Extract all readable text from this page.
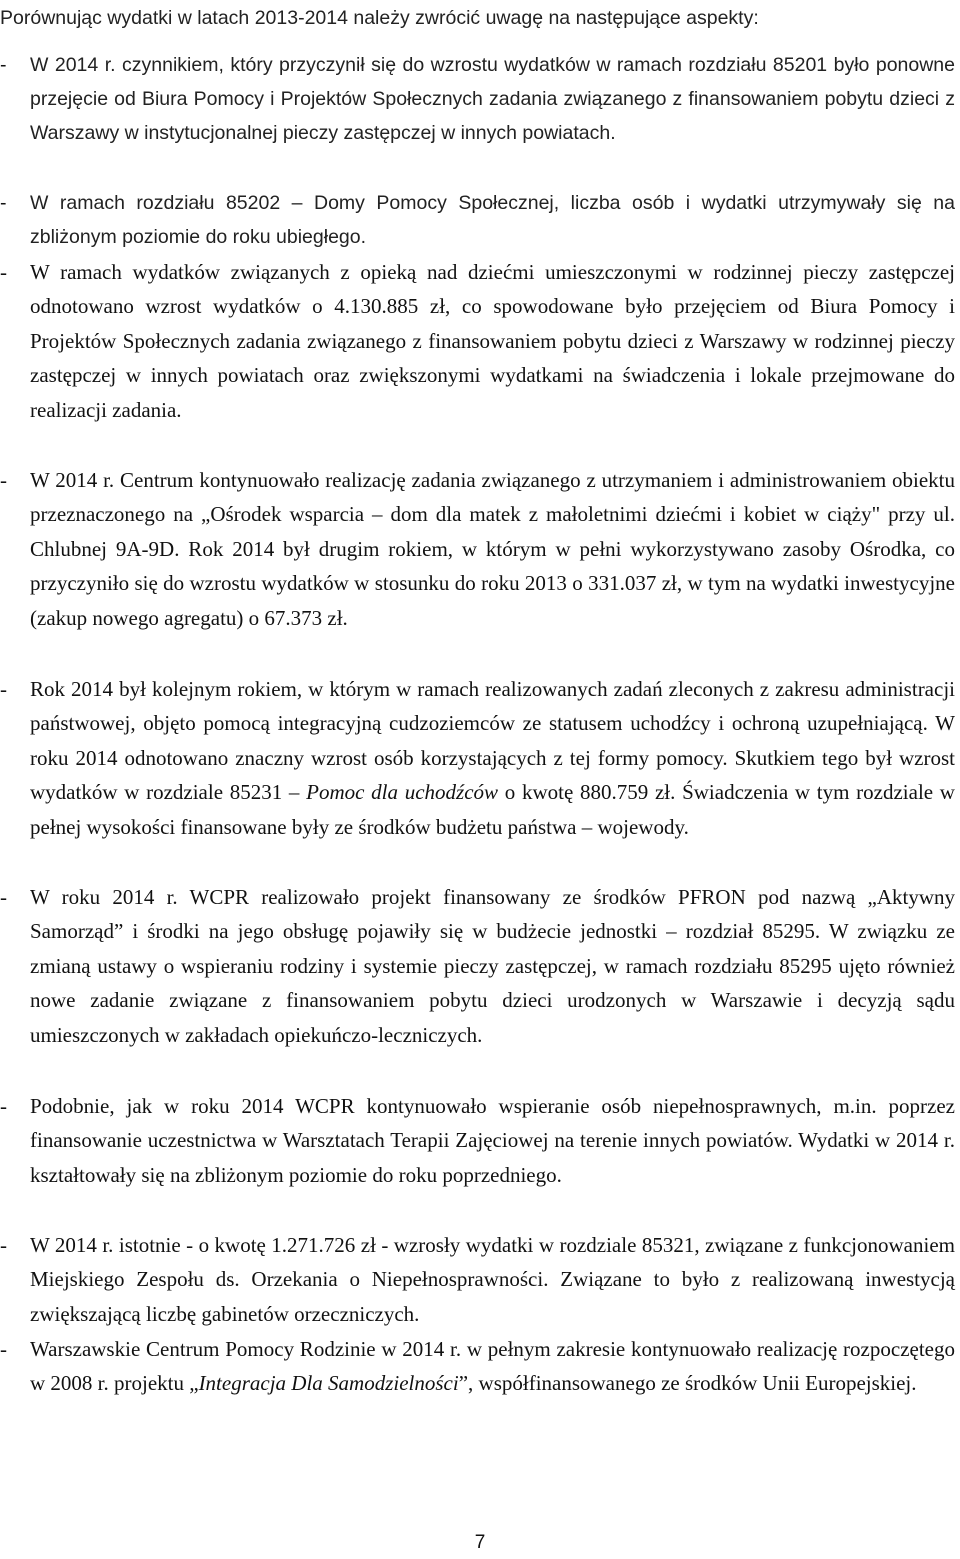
Porównując wydatki w latach 2013-2014 należy zwrócić uwagę na następujące aspekty:
-	W 2014 r. czynnikiem, który przyczynił się do wzrostu wydatków w ramach rozdziału 85201 było ponowne przejęcie od Biura Pomocy i Projektów Społecznych zadania związanego z finansowaniem pobytu dzieci z Warszawy w instytucjonalnej pieczy zastępczej w innych powiatach.
-	W ramach rozdziału 85202 – Domy Pomocy Społecznej, liczba osób i wydatki utrzymywały się na zbliżonym poziomie do roku ubiegłego.
-	W ramach wydatków związanych z opieką nad dziećmi umieszczonymi w rodzinnej pieczy zastępczej odnotowano wzrost wydatków o 4.130.885 zł, co spowodowane było przejęciem od Biura Pomocy i Projektów Społecznych zadania związanego z finansowaniem pobytu dzieci z Warszawy w rodzinnej pieczy zastępczej w innych powiatach oraz zwiększonymi wydatkami na świadczenia i lokale przejmowane do realizacji zadania.
-	W 2014 r. Centrum kontynuowało realizację zadania związanego z utrzymaniem i administrowaniem obiektu przeznaczonego na „Ośrodek wsparcia – dom dla matek z małoletnimi dziećmi i kobiet w ciąży" przy ul. Chlubnej 9A-9D. Rok 2014 był drugim rokiem, w którym w pełni wykorzystywano zasoby Ośrodka, co przyczyniło się do wzrostu wydatków w stosunku do roku 2013 o 331.037 zł, w tym na wydatki inwestycyjne (zakup nowego agregatu) o 67.373 zł.
-	Rok 2014 był kolejnym rokiem, w którym w ramach realizowanych zadań zleconych z zakresu administracji państwowej, objęto pomocą integracyjną cudzoziemców ze statusem uchodźcy i ochroną uzupełniającą. W roku 2014 odnotowano znaczny wzrost osób korzystających z tej formy pomocy. Skutkiem tego był wzrost wydatków w rozdziale 85231 – Pomoc dla uchodźców o kwotę 880.759 zł. Świadczenia w tym rozdziale w pełnej wysokości finansowane były ze środków budżetu państwa – wojewody.
-	W roku 2014 r. WCPR realizowało projekt finansowany ze środków PFRON pod nazwą „Aktywny Samorząd” i środki na jego obsługę pojawiły się w budżecie jednostki – rozdział 85295. W związku ze zmianą ustawy o wspieraniu rodziny i systemie pieczy zastępczej, w ramach rozdziału 85295 ujęto również nowe zadanie związane z finansowaniem pobytu dzieci urodzonych w Warszawie i decyzją sądu umieszczonych w zakładach opiekuńczo-leczniczych.
-	Podobnie, jak w roku 2014 WCPR kontynuowało wspieranie osób niepełnosprawnych, m.in. poprzez finansowanie uczestnictwa w Warsztatach Terapii Zajęciowej na terenie innych powiatów. Wydatki w 2014 r. kształtowały się na zbliżonym poziomie do roku poprzedniego.
-	W 2014 r. istotnie - o kwotę 1.271.726 zł - wzrosły wydatki w rozdziale 85321, związane z funkcjonowaniem Miejskiego Zespołu ds. Orzekania o Niepełnosprawności. Związane to było z realizowaną inwestycją zwiększającą liczbę gabinetów orzeczniczych.
-	Warszawskie Centrum Pomocy Rodzinie w 2014 r. w pełnym zakresie kontynuowało realizację rozpoczętego w 2008 r. projektu „Integracja Dla Samodzielności”, współfinansowanego ze środków Unii Europejskiej.
7
